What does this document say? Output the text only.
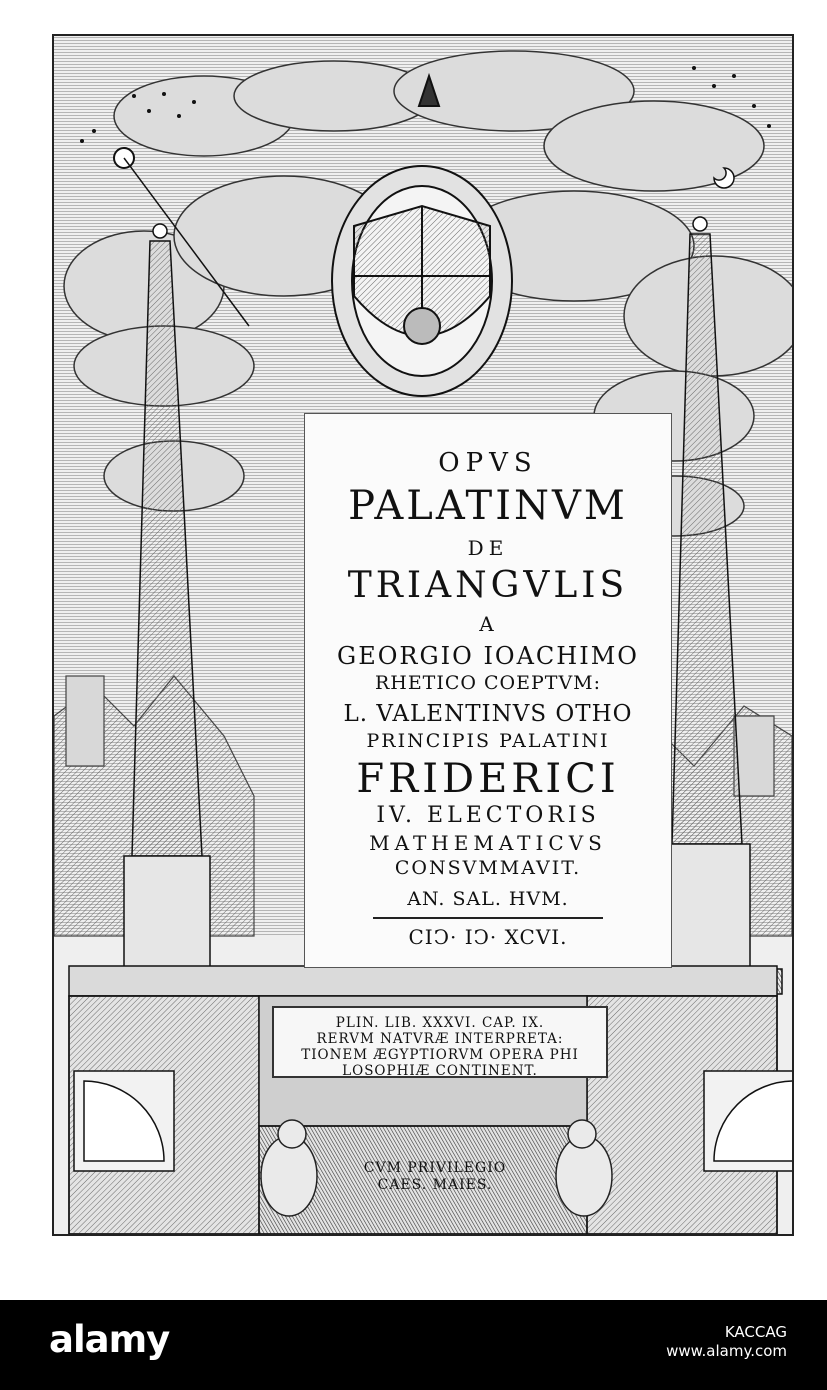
OPVS
PALATINVM
DE
TRIANGVLIS
A
GEORGIO IOACHIMO
RHETICO COEPTVM:
L. VALENTINVS OTHO
PRINCIPIS PALATINI
FRIDERICI
IV. ELECTORIS
MATHEMATICVS
CONSVMMAVIT.
AN. SAL. HVM.
CIↃ· IↃ· XCVI.
PLIN. LIB. XXXVI. CAP. IX.
RERVM NATVRÆ INTERPRETA:
TIONEM ÆGYPTIORVM OPERA PHI
LOSOPHIÆ CONTINENT.
CVM PRIVILEGIO
CAES. MAIES.
alamy	KACCAG
www.alamy.com
